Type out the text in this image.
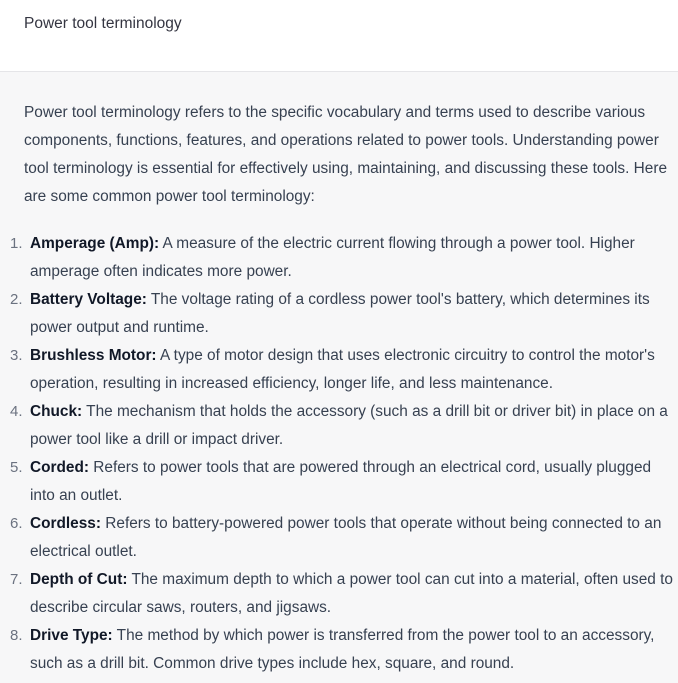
Power tool terminology
Power tool terminology refers to the specific vocabulary and terms used to describe various components, functions, features, and operations related to power tools. Understanding power tool terminology is essential for effectively using, maintaining, and discussing these tools. Here are some common power tool terminology:
1. Amperage (Amp): A measure of the electric current flowing through a power tool. Higher amperage often indicates more power.
2. Battery Voltage: The voltage rating of a cordless power tool's battery, which determines its power output and runtime.
3. Brushless Motor: A type of motor design that uses electronic circuitry to control the motor's operation, resulting in increased efficiency, longer life, and less maintenance.
4. Chuck: The mechanism that holds the accessory (such as a drill bit or driver bit) in place on a power tool like a drill or impact driver.
5. Corded: Refers to power tools that are powered through an electrical cord, usually plugged into an outlet.
6. Cordless: Refers to battery-powered power tools that operate without being connected to an electrical outlet.
7. Depth of Cut: The maximum depth to which a power tool can cut into a material, often used to describe circular saws, routers, and jigsaws.
8. Drive Type: The method by which power is transferred from the power tool to an accessory, such as a drill bit. Common drive types include hex, square, and round.
